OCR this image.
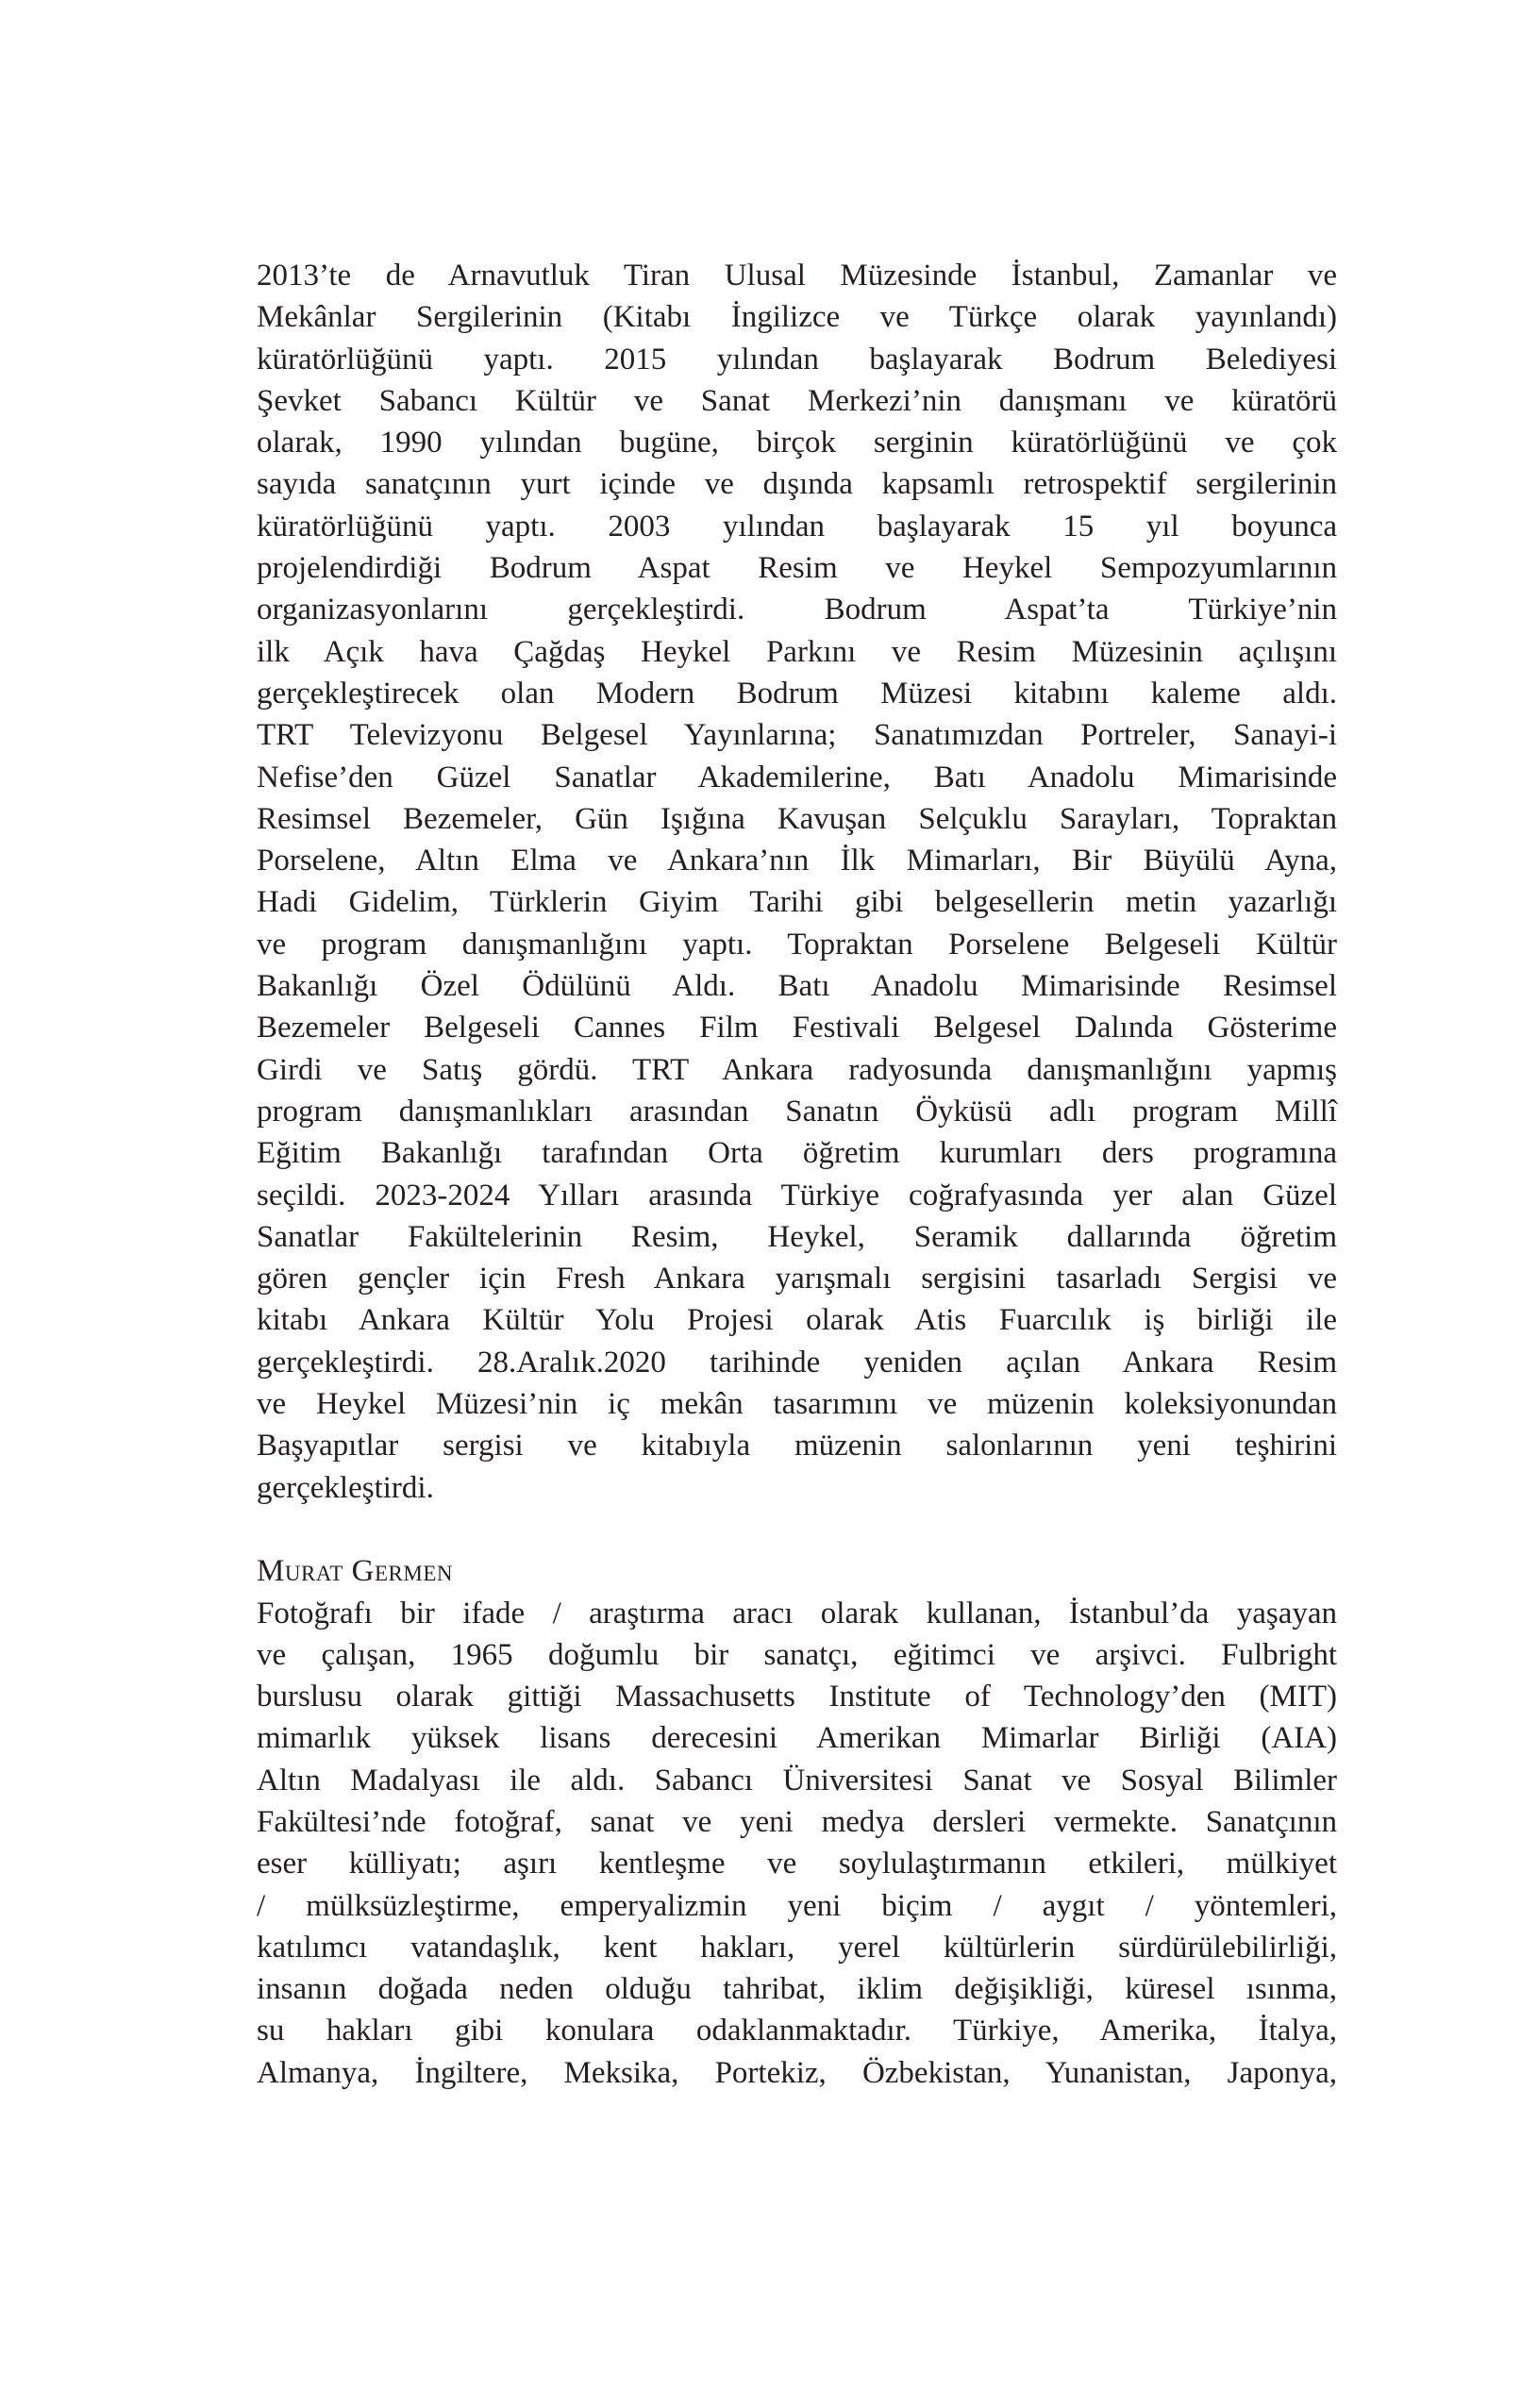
2013’te de Arnavutluk Tiran Ulusal Müzesinde İstanbul, Zamanlar ve
Mekânlar Sergilerinin (Kitabı İngilizce ve Türkçe olarak yayınlandı)
küratörlüğünü yaptı. 2015 yılından başlayarak Bodrum Belediyesi
Şevket Sabancı Kültür ve Sanat Merkezi’nin danışmanı ve küratörü
olarak, 1990 yılından bugüne, birçok serginin küratörlüğünü ve çok
sayıda sanatçının yurt içinde ve dışında kapsamlı retrospektif sergilerinin
küratörlüğünü yaptı. 2003 yılından başlayarak 15 yıl boyunca
projelendirdiği Bodrum Aspat Resim ve Heykel Sempozyumlarının
organizasyonlarını gerçekleştirdi. Bodrum Aspat’ta Türkiye’nin
ilk Açık hava Çağdaş Heykel Parkını ve Resim Müzesinin açılışını
gerçekleştirecek olan Modern Bodrum Müzesi kitabını kaleme aldı.
TRT Televizyonu Belgesel Yayınlarına; Sanatımızdan Portreler, Sanayi-i
Nefise’den Güzel Sanatlar Akademilerine, Batı Anadolu Mimarisinde
Resimsel Bezemeler, Gün Işığına Kavuşan Selçuklu Sarayları, Topraktan
Porselene, Altın Elma ve Ankara’nın İlk Mimarları, Bir Büyülü Ayna,
Hadi Gidelim, Türklerin Giyim Tarihi gibi belgesellerin metin yazarlığı
ve program danışmanlığını yaptı. Topraktan Porselene Belgeseli Kültür
Bakanlığı Özel Ödülünü Aldı. Batı Anadolu Mimarisinde Resimsel
Bezemeler Belgeseli Cannes Film Festivali Belgesel Dalında Gösterime
Girdi ve Satış gördü. TRT Ankara radyosunda danışmanlığını yapmış
program danışmanlıkları arasından Sanatın Öyküsü adlı program Millî
Eğitim Bakanlığı tarafından Orta öğretim kurumları ders programına
seçildi. 2023-2024 Yılları arasında Türkiye coğrafyasında yer alan Güzel
Sanatlar Fakültelerinin Resim, Heykel, Seramik dallarında öğretim
gören gençler için Fresh Ankara yarışmalı sergisini tasarladı Sergisi ve
kitabı Ankara Kültür Yolu Projesi olarak Atis Fuarcılık iş birliği ile
gerçekleştirdi. 28.Aralık.2020 tarihinde yeniden açılan Ankara Resim
ve Heykel Müzesi’nin iç mekân tasarımını ve müzenin koleksiyonundan
Başyapıtlar sergisi ve kitabıyla müzenin salonlarının yeni teşhirini
gerçekleştirdi.
Murat Germen
Fotoğrafı bir ifade / araştırma aracı olarak kullanan, İstanbul’da yaşayan
ve çalışan, 1965 doğumlu bir sanatçı, eğitimci ve arşivci. Fulbright
burslusu olarak gittiği Massachusetts Institute of Technology’den (MIT)
mimarlık yüksek lisans derecesini Amerikan Mimarlar Birliği (AIA)
Altın Madalyası ile aldı. Sabancı Üniversitesi Sanat ve Sosyal Bilimler
Fakültesi’nde fotoğraf, sanat ve yeni medya dersleri vermekte. Sanatçının
eser külliyatı; aşırı kentleşme ve soylulaştırmanın etkileri, mülkiyet
/ mülksüzleştirme, emperyalizmin yeni biçim / aygıt / yöntemleri,
katılımcı vatandaşlık, kent hakları, yerel kültürlerin sürdürülebilirliği,
insanın doğada neden olduğu tahribat, iklim değişikliği, küresel ısınma,
su hakları gibi konulara odaklanmaktadır. Türkiye, Amerika, İtalya,
Almanya, İngiltere, Meksika, Portekiz, Özbekistan, Yunanistan, Japonya,
